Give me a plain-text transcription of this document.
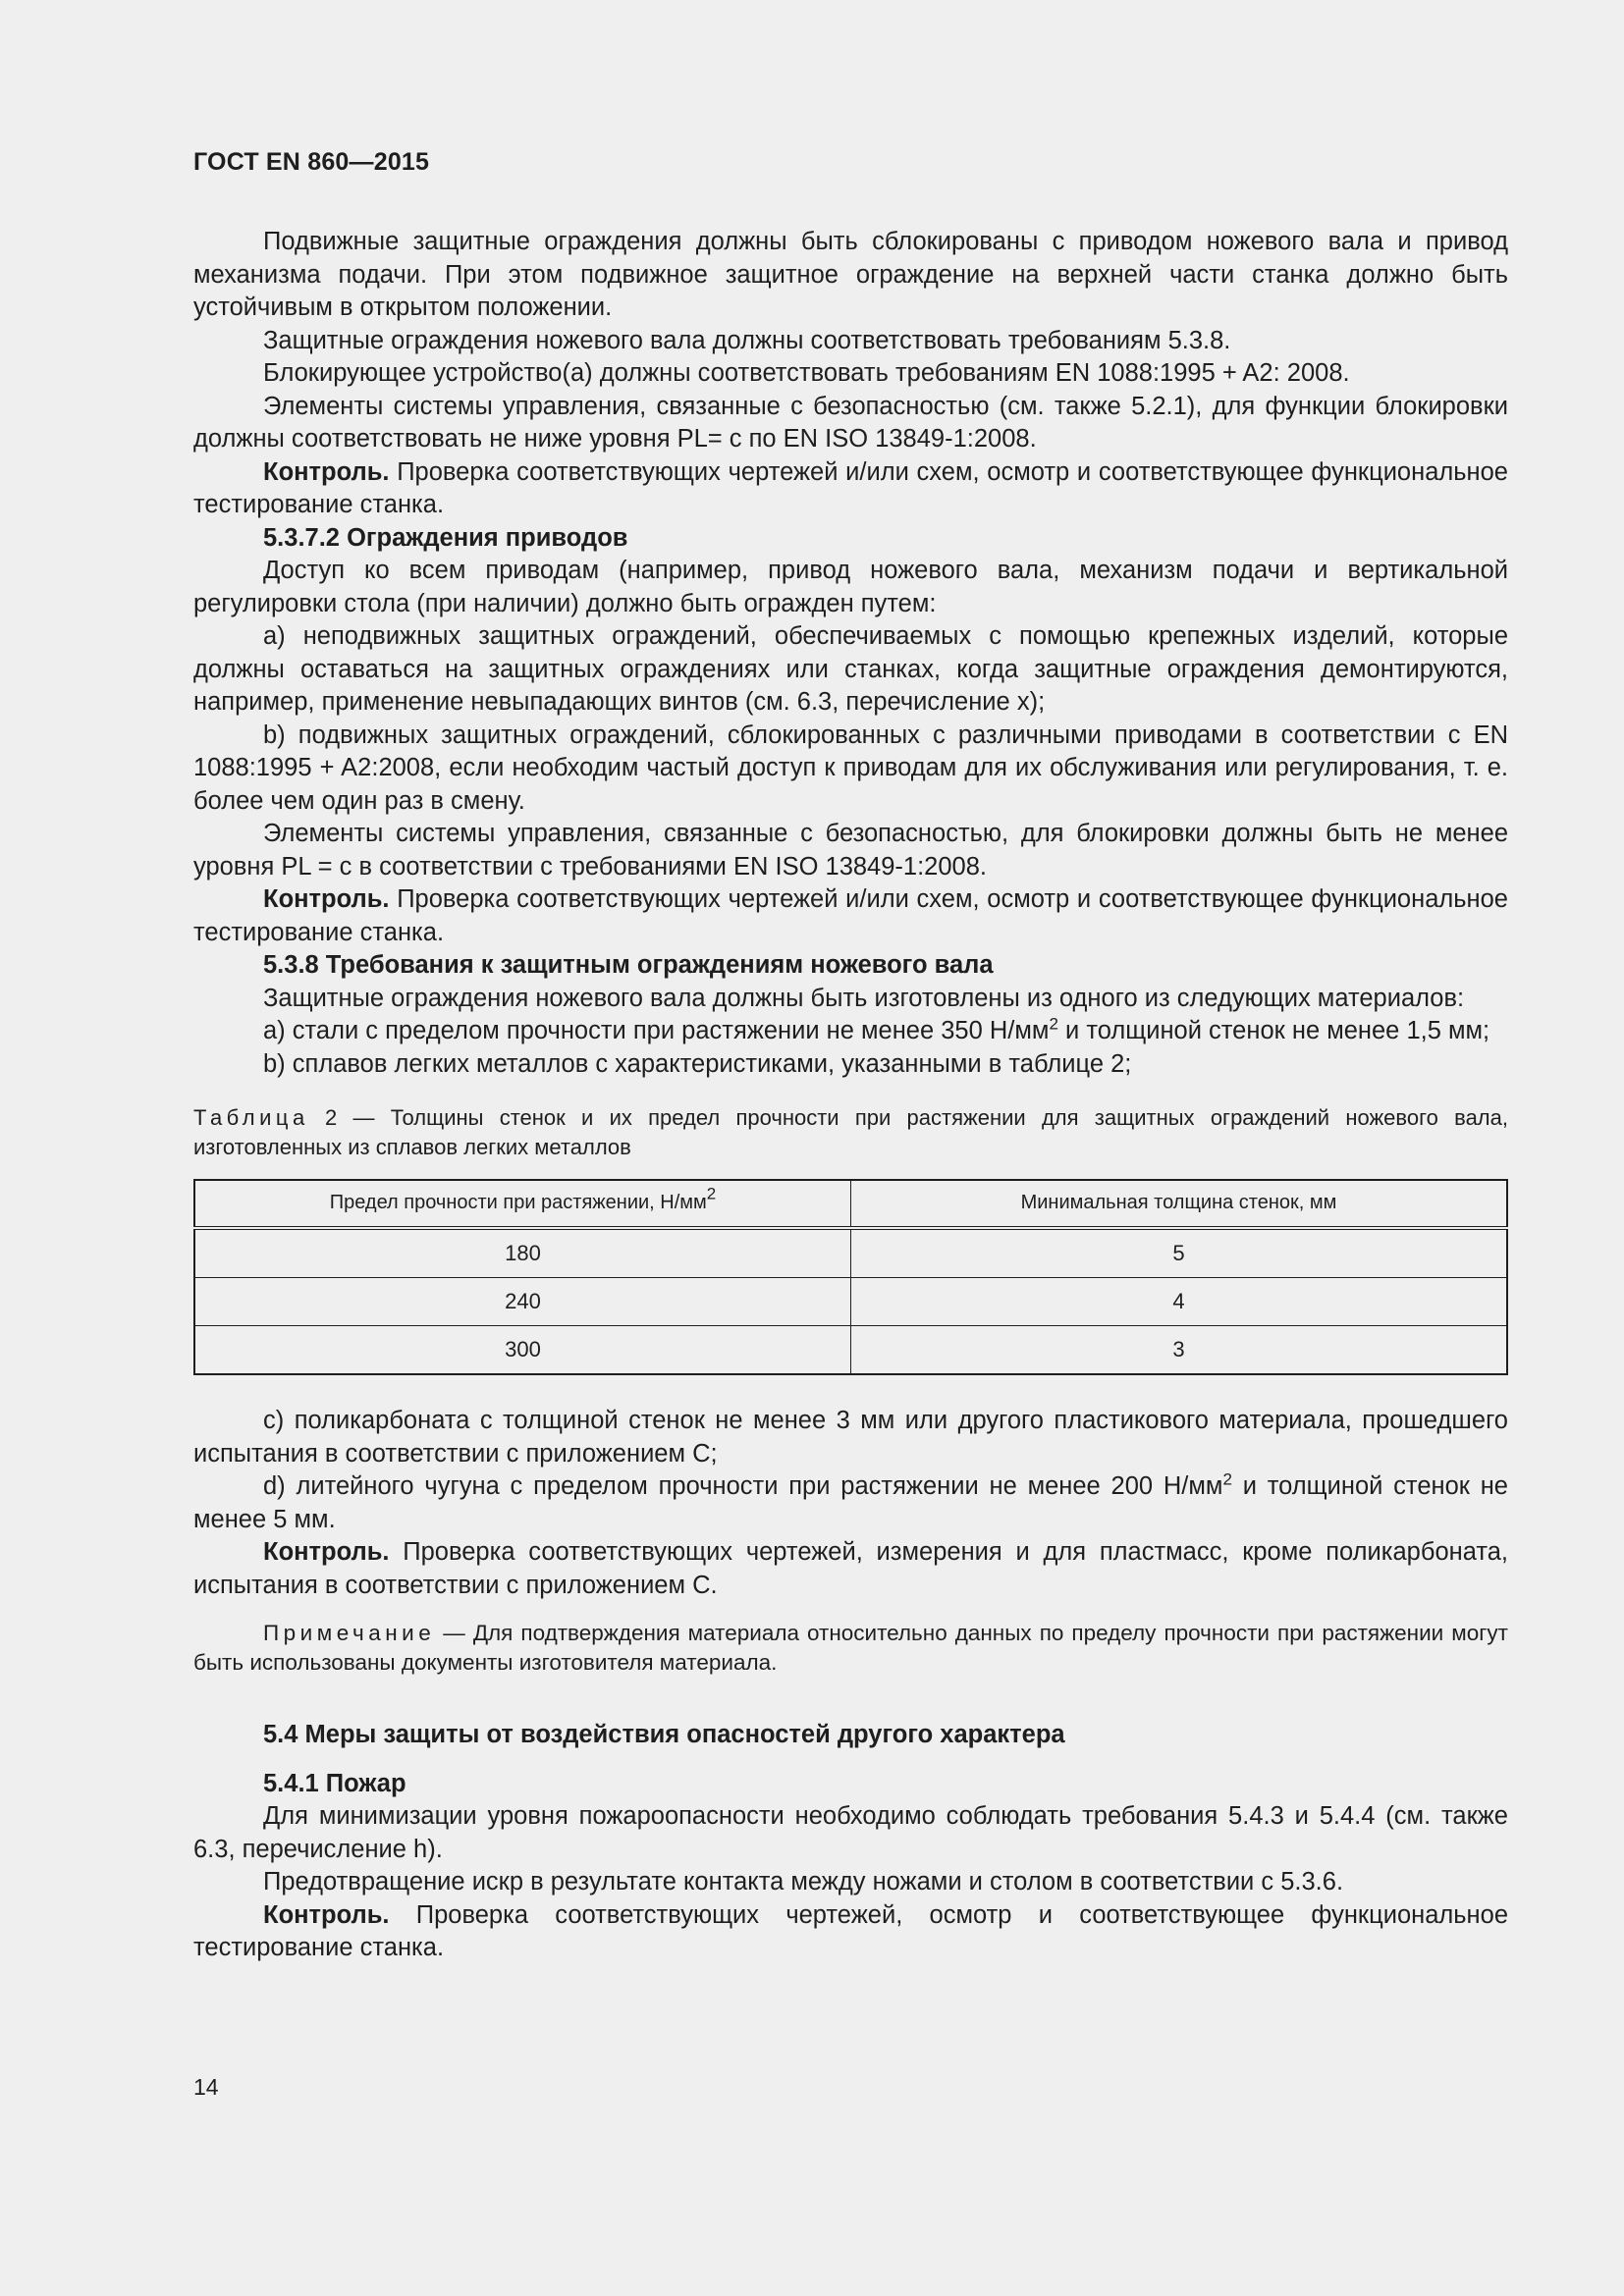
ГОСТ EN 860—2015

Подвижные защитные ограждения должны быть сблокированы с приводом ножевого вала и привод механизма подачи. При этом подвижное защитное ограждение на верхней части станка должно быть устойчивым в открытом положении.

Защитные ограждения ножевого вала должны соответствовать требованиям 5.3.8.

Блокирующее устройство(а) должны соответствовать требованиям EN 1088:1995 + A2: 2008.

Элементы системы управления, связанные с безопасностью (см. также 5.2.1), для функции блокировки должны соответствовать не ниже уровня PL= с по EN ISO 13849-1:2008.

Контроль. Проверка соответствующих чертежей и/или схем, осмотр и соответствующее функциональное тестирование станка.

5.3.7.2 Ограждения приводов

Доступ ко всем приводам (например, привод ножевого вала, механизм подачи и вертикальной регулировки стола (при наличии) должно быть огражден путем:

a) неподвижных защитных ограждений, обеспечиваемых с помощью крепежных изделий, которые должны оставаться на защитных ограждениях или станках, когда защитные ограждения демонтируются, например, применение невыпадающих винтов (см. 6.3, перечисление x);

b) подвижных защитных ограждений, сблокированных с различными приводами в соответствии с EN 1088:1995 + A2:2008, если необходим частый доступ к приводам для их обслуживания или регулирования, т. е. более чем один раз в смену.

Элементы системы управления, связанные с безопасностью, для блокировки должны быть не менее уровня PL = с в соответствии с требованиями EN ISO 13849-1:2008.

Контроль. Проверка соответствующих чертежей и/или схем, осмотр и соответствующее функциональное тестирование станка.

5.3.8 Требования к защитным ограждениям ножевого вала

Защитные ограждения ножевого вала должны быть изготовлены из одного из следующих материалов:

a) стали с пределом прочности при растяжении не менее 350 $Н/мм^2$ и толщиной стенок не менее 1,5 мм;

b) сплавов легких металлов с характеристиками, указанными в таблице 2;

Таблица 2 — Толщины стенок и их предел прочности при растяжении для защитных ограждений ножевого вала, изготовленных из сплавов легких металлов
Предел прочности при растяжении, $Н/мм^2$	Минимальная толщина стенок, мм
180	5
240	4
300	3

c) поликарбоната с толщиной стенок не менее 3 мм или другого пластикового материала, прошедшего испытания в соответствии с приложением С;

d) литейного чугуна с пределом прочности при растяжении не менее 200 $Н/мм^2$ и толщиной стенок не менее 5 мм.

Контроль. Проверка соответствующих чертежей, измерения и для пластмасс, кроме поликарбоната, испытания в соответствии с приложением С.

Примечание — Для подтверждения материала относительно данных по пределу прочности при растяжении могут быть использованы документы изготовителя материала.

5.4 Меры защиты от воздействия опасностей другого характера

5.4.1 Пожар

Для минимизации уровня пожароопасности необходимо соблюдать требования 5.4.3 и 5.4.4 (см. также 6.3, перечисление h).

Предотвращение искр в результате контакта между ножами и столом в соответствии с 5.3.6.

Контроль. Проверка соответствующих чертежей, осмотр и соответствующее функциональное тестирование станка.

14
